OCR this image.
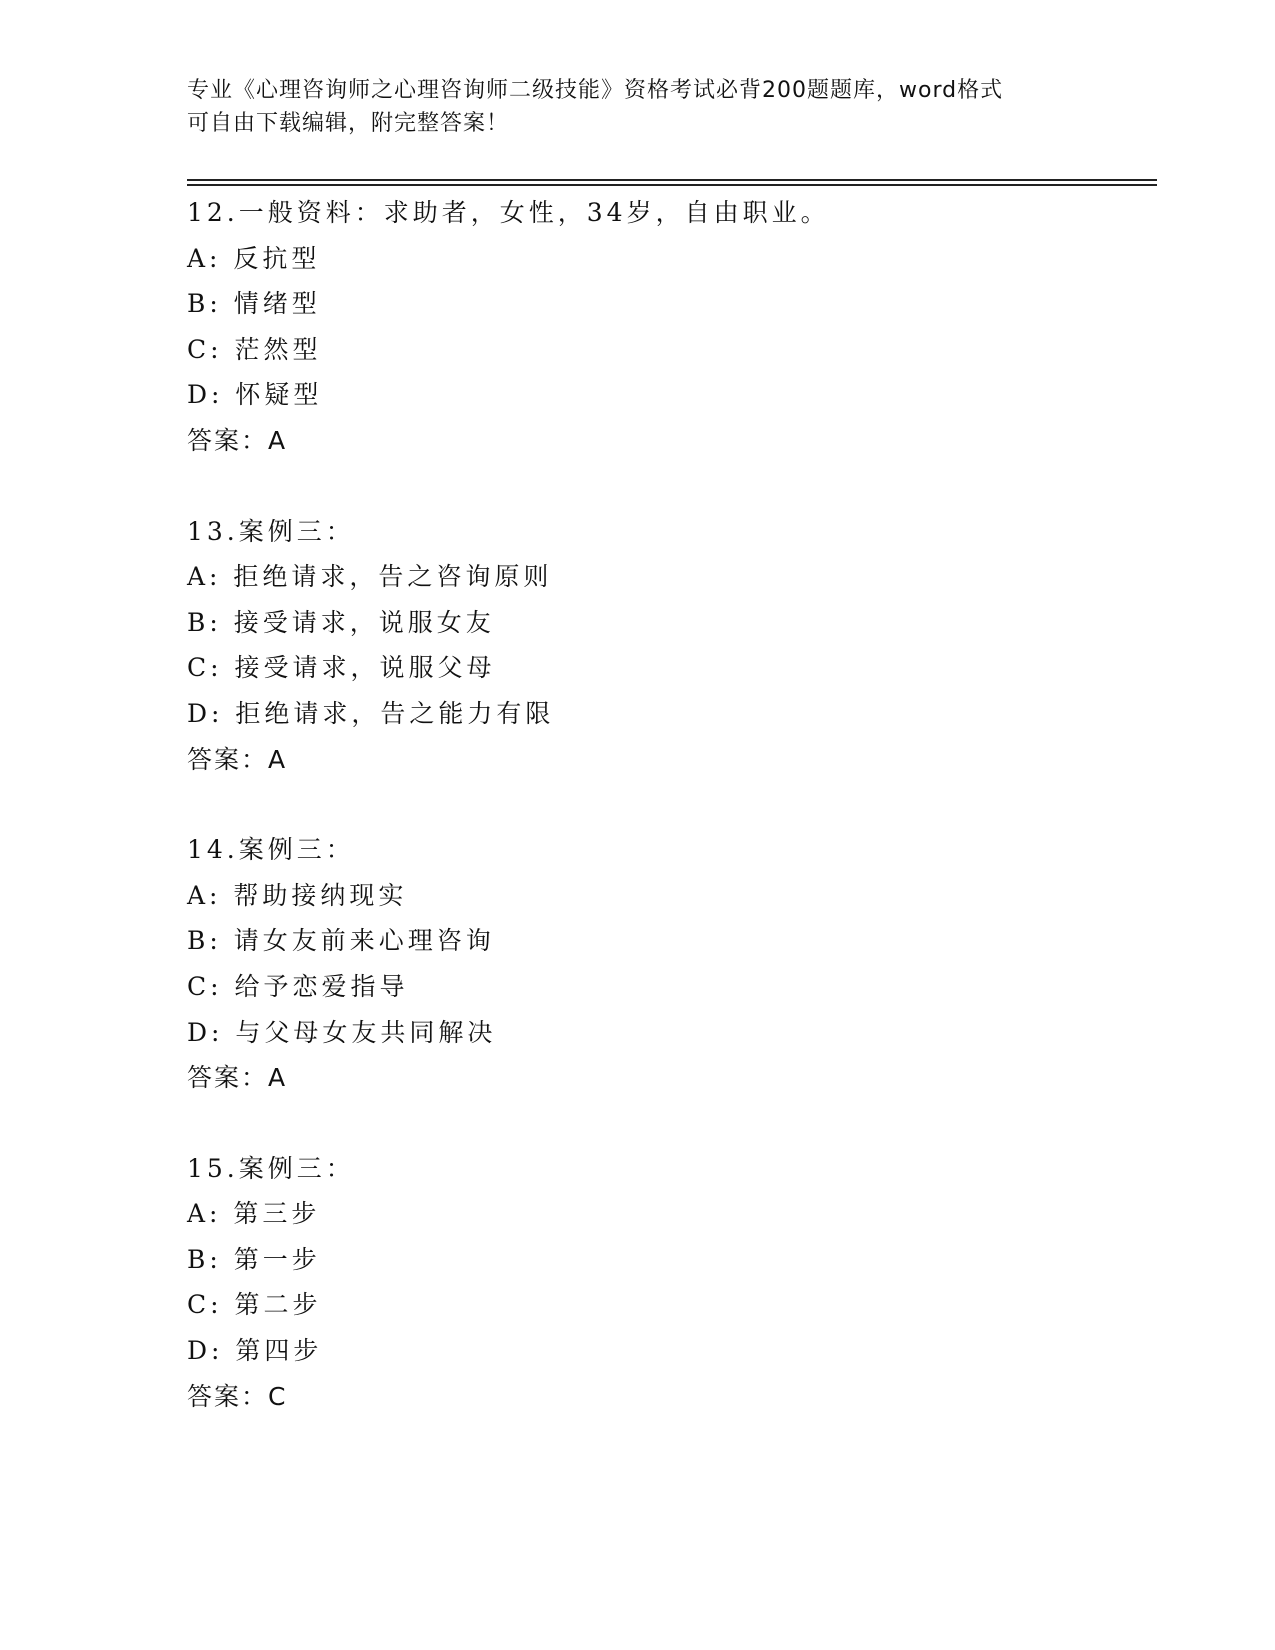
专业《心理咨询师之心理咨询师二级技能》资格考试必背200题题库，word格式
可自由下载编辑，附完整答案！
12.一般资料：求助者，女性，34岁，自由职业。
A: 反抗型
B: 情绪型
C: 茫然型
D: 怀疑型
答案：A
13.案例三：
A: 拒绝请求，告之咨询原则
B: 接受请求，说服女友
C: 接受请求，说服父母
D: 拒绝请求，告之能力有限
答案：A
14.案例三：
A: 帮助接纳现实
B: 请女友前来心理咨询
C: 给予恋爱指导
D: 与父母女友共同解决
答案：A
15.案例三：
A: 第三步
B: 第一步
C: 第二步
D: 第四步
答案：C
